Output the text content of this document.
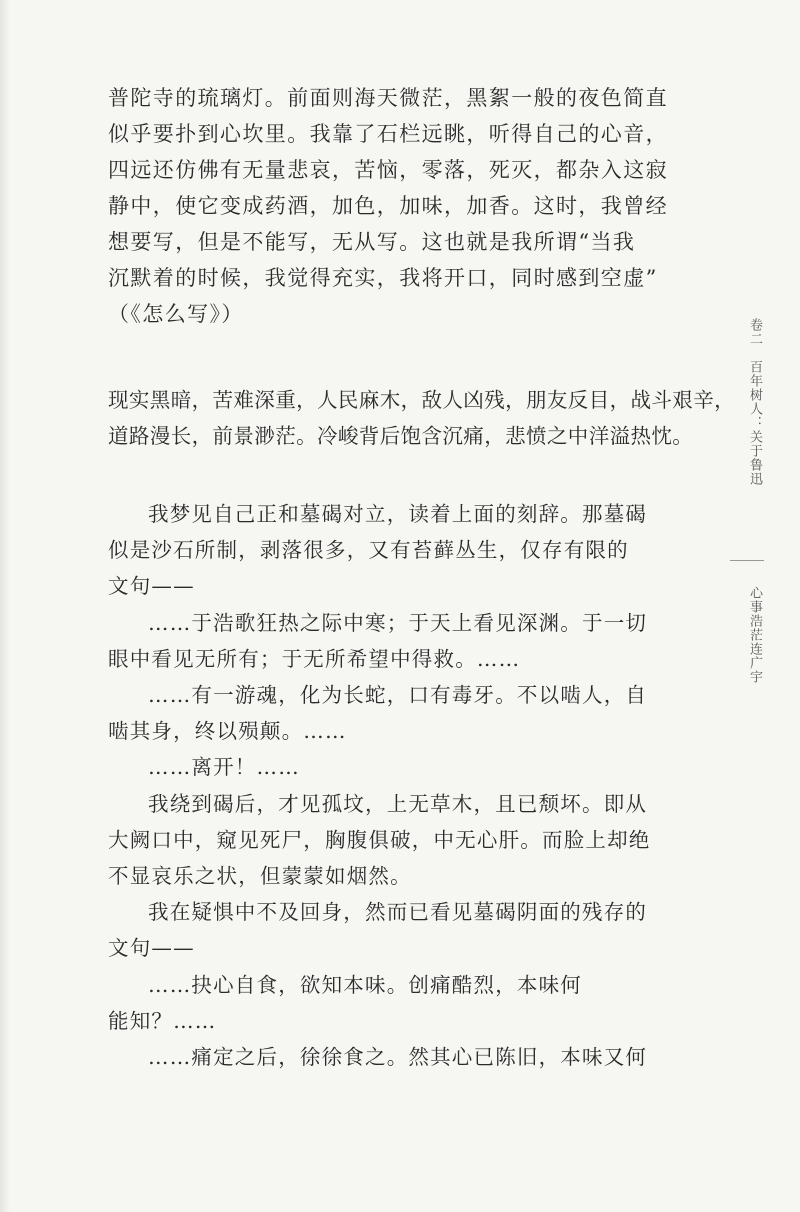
普陀寺的琉璃灯。前面则海天微茫，黑絮一般的夜色简直
似乎要扑到心坎里。我靠了石栏远眺，听得自己的心音，
四远还仿佛有无量悲哀，苦恼，零落，死灭，都杂入这寂
静中，使它变成药酒，加色，加味，加香。这时，我曾经
想要写，但是不能写，无从写。这也就是我所谓“当我
沉默着的时候，我觉得充实，我将开口，同时感到空虚”
（《怎么写》）
现实黑暗，苦难深重，人民麻木，敌人凶残，朋友反目，战斗艰辛，
道路漫长，前景渺茫。冷峻背后饱含沉痛，悲愤之中洋溢热忱。
我梦见自己正和墓碣对立，读着上面的刻辞。那墓碣
似是沙石所制，剥落很多，又有苔藓丛生，仅存有限的
文句——
……于浩歌狂热之际中寒；于天上看见深渊。于一切
眼中看见无所有；于无所希望中得救。……
……有一游魂，化为长蛇，口有毒牙。不以啮人，自
啮其身，终以殒颠。……
……离开！……
我绕到碣后，才见孤坟，上无草木，且已颓坏。即从
大阙口中，窥见死尸，胸腹俱破，中无心肝。而脸上却绝
不显哀乐之状，但蒙蒙如烟然。
我在疑惧中不及回身，然而已看见墓碣阴面的残存的
文句——
……抉心自食，欲知本味。创痛酷烈，本味何
能知？……
……痛定之后，徐徐食之。然其心已陈旧，本味又何
卷二　百年树人：关于鲁迅
心事浩茫连广宇
